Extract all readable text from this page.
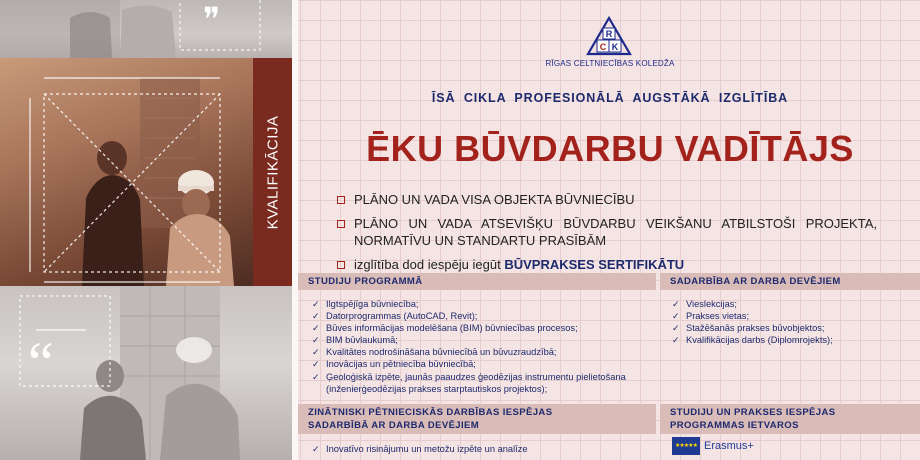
❞
“
KVALIFIKĀCIJA
R
C K
RĪGAS CELTNIECĪBAS KOLEDŽA
ĪSĀ CIKLA PROFESIONĀLĀ AUGSTĀKĀ IZGLĪTĪBA
ĒKU BŪVDARBU VADĪTĀJS
PLĀNO UN VADA VISA OBJEKTA BŪVNIECĪBU
PLĀNO UN VADA ATSEVIŠĶU BŪVDARBU VEIKŠANU ATBILSTOŠI PROJEKTA, NORMATĪVU UN STANDARTU PRASĪBĀM
izglītība dod iespēju iegūt BŪVPRAKSES SERTIFIKĀTU
STUDIJU PROGRAMMĀ
✓ Ilgtspējīga būvniecība;
✓ Datorprogrammas (AutoCAD, Revit);
✓ Būves informācijas modelēšana (BIM) būvniecības procesos;
✓ BIM būvlaukumā;
✓ Kvalitātes nodrošināšana būvniecībā un būvuzraudzībā;
✓ Inovācijas un pētniecība būvniecībā;
✓ Ģeoloģiskā izpēte, jaunās paaudzes ģeodēzijas instrumentu pielietošana (inženierģeodēzijas prakses starptautiskos projektos);
SADARBĪBA AR DARBA DEVĒJIEM
✓ Vieslekcijas;
✓ Prakses vietas;
✓ Stažēšanās prakses būvobjektos;
✓ Kvalifikācijas darbs (Diplomrojekts);
ZINĀTNISKI PĒTNIECISKĀS DARBĪBAS IESPĒJAS
SADARBĪBĀ AR DARBA DEVĒJIEM
✓ Inovatīvo risinājumu un metožu izpēte un analīze
STUDIJU UN PRAKSES IESPĒJAS
PROGRAMMAS IETVAROS
★★★★★ Erasmus+
